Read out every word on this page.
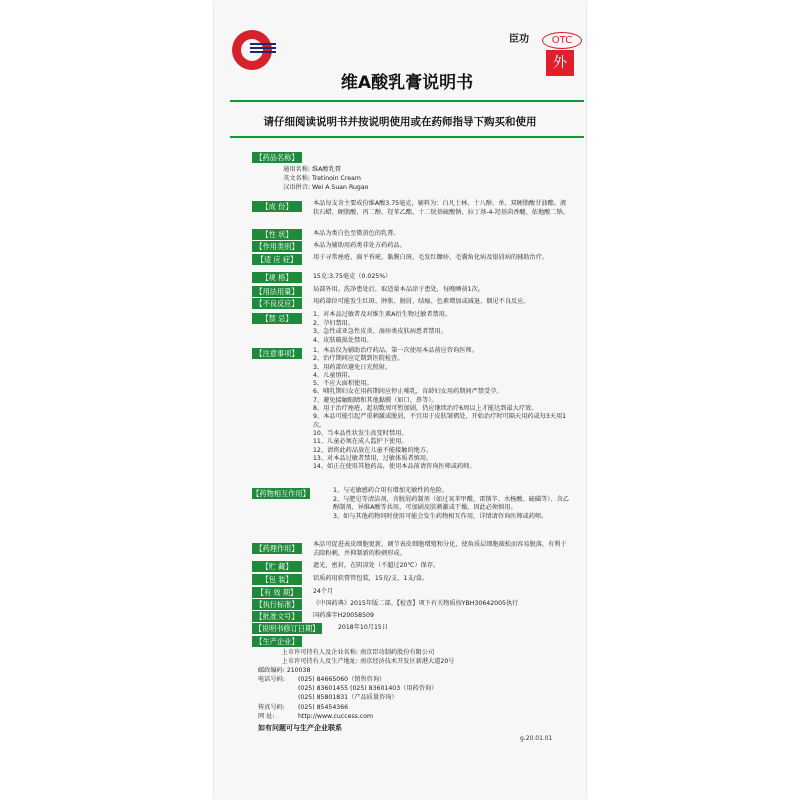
臣功	OTC
外
维A酸乳膏说明书
请仔细阅读说明书并按说明使用或在药师指导下购买和使用
【药品名称】
通用名称: 维A酸乳膏
英文名称: Tretinoin Cream
汉语拼音: Wei A Suan Rugao
【成 份】	本品每支含主要成份维A酸3.75毫克，辅料为：白凡士林、十八醇、单、双硬脂酸甘油酯、液状石蜡、硬脂酸、丙二醇、羟苯乙酯、十二烷基硫酸钠、拉丁基-4-羟基茴香醚、依地酸二钠。
【性 状】	本品为类白色至微黄色的乳膏。
【作用类别】	本品为辅助用药类非处方药药品。
【适 应 症】	用于寻常痤疮、扁平苔疣、黏膜白斑、毛发红糠疹、毛囊角化病及银屑病的辅助治疗。
【规 格】	15克:3.75毫克（0.025%）
【用法用量】	局部外用。洗净患处后，取适量本品涂于患处，每晚睡前1次。
【不良反应】	用药部位可能发生红斑、肿胀、脱屑、结痂、色素增加或减退、偶见不良反应。
【禁 忌】	1、对本品过敏者及对维生素A衍生物过敏者禁用。

2、孕妇禁用。

3、急性或亚急性皮炎、湿疹类皮肤病患者禁用。

4、皮肤破损处禁用。

【注意事项】	1、本品仅为辅助治疗药品，第一次使用本品前应咨询医师。

2、治疗期间应定期到医院检查。

3、用药部位避免日光照射。

4、儿童慎用。

5、不应大面积使用。

6、哺乳期妇女在用药期间应停止哺乳，育龄妇女用药期间严禁受孕。

7、避免接触眼睛和其他黏膜（如口、鼻等）。

8、用于治疗痤疮，起初数周可暂加剧，仍应继续治疗6周以上才能达到最大疗效。

9、本品可能引起严重刺激或脱屑，不宜用于皮肤皱褶处，开始治疗时可隔天用药或每3天用1次。

10、当本品性状发生改变时禁用。

11、儿童必须在成人监护下使用。

12、请将此药品放在儿童不能接触的地方。

13、对本品过敏者禁用，过敏体质者慎用。

14、如正在使用其他药品，使用本品前请咨询医师或药师。

【药物相互作用】	1、与光敏感药合用有增加光敏性的危险。

2、与肥皂等清洁剂、含脱屑药制剂（如过氧苯甲酰、雷锁辛、水杨酸、硫磺等）、含乙醇制剂、异维A酸等共用，可加剧皮肤刺激或干燥，因此必须慎用。

3、如与其他药物同时使用可能会发生药物相互作用，详情请咨询医师或药师。

【药理作用】	本品可促进表皮细胞更新，调节表皮细胞增殖和分化，使角质层细胞疏松而容易脱落，有利于去除粉刺，并抑制新的粉刺形成。
【贮 藏】	遮光，密封，在阴凉处（不超过20℃）保存。
【包 装】	铝质药用软膏管包装，15克/支，1支/盒。
【有 效 期】	24个月
【执行标准】	《中国药典》2015年版二部。【检查】项下有关物质按YBH30642005执行
【批准文号】	国药准字H20058509
【说明书修订日期】	2018年10月15日
【生产企业】
上市许可持有人及企业名称: 南京臣功制药股份有限公司
上市许可持有人及生产地址: 南京经济技术开发区新港大道20号
邮政编码: 210038
电话号码: (025) 84665060（销售咨询）
(025) 83601455 (025) 83601403（用药咨询）
(025) 85801831（产品质量咨询）
传真号码: (025) 85454366
网 址:	http://www.cuccess.com
如有问题可与生产企业联系
g.20.01.01
